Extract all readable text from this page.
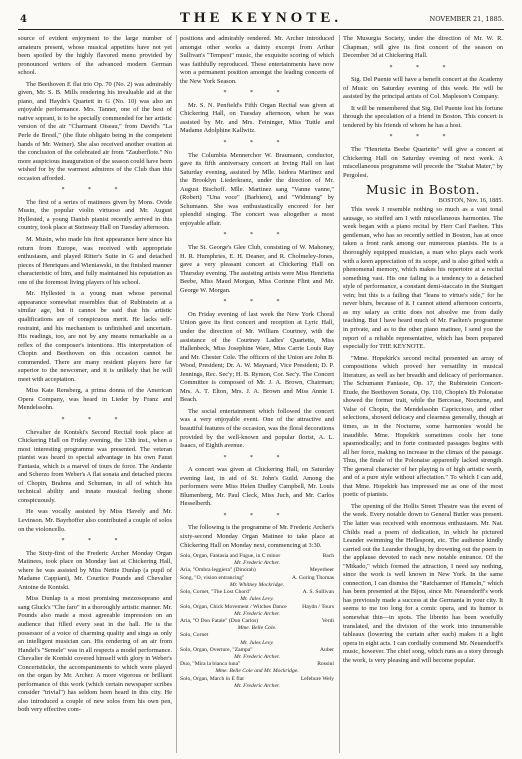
4	THE KEYNOTE.	NOVEMBER 21, 1885.

source of evident enjoyment to the large number of amateurs present, whose musical appetites have not yet been spoiled by the highly flavored menu provided by pronounced writers of the advanced modern German school.

The Beethoven E flat trio Op. 70 (No. 2) was admirably given, Mr. S. B. Mills rendering his invaluable aid at the piano, and Haydn's Quartett in G (No. 10) was also an enjoyable performance. Mrs. Tanner, one of the best of native soprani, is to be specially commended for her artistic version of the air "Charmant Oiseau," from David's "La Perle de Bresil," (the flute obligato being in the competent hands of Mr. Weiner). She also received another ovation at the conclusion of the celebrated air from "Zauberflote." No more auspicious inauguration of the season could have been wished for by the warmest admirers of the Club than this occasion afforded.

* * *

The first of a series of matinees given by Mons. Ovide Musin, the popular violin virtuoso and Mr. August Hyllested, a young Danish pianist recently arrived in this country, took place at Steinway Hall on Tuesday afternoon.

M. Musin, who made his first appearance here since his return from Europe, was received with appropriate enthusiasm, and played Ritter's Suite in G and detached pieces of Henriques and Wieniawski, in the finished manner characteristic of him, and fully maintained his reputation as one of the foremost living players of his school.

Mr. Hyllested is a young man whose personal appearance somewhat resembles that of Rubinstein at a similar age, but it cannot be said that his artistic qualifications are of conspicuous merit. He lacks self-restraint, and his mechanism is unfinished and uncertain. His readings, too, are not by any means remarkable as a reflex of the composer's intentions. His interpretation of Chopin and Beethoven on this occasion cannot be commended. There are many resident players here far superior to the newcomer, and it is unlikely that he will meet with acceptation.

Miss Kate Rensberg, a prima donna of the American Opera Company, was heard in Lieder by Franz and Mendelssohn.

* * *

Chevalier de Kontski's Second Recital took place at Chickering Hall on Friday evening, the 13th inst., when a most interesting programme was presented. The veteran pianist was heard to special advantage in his own Faust Fantasia, which is a marvel of tours de force. The Andante and Scherzo from Weber's A flat sonata and detached pieces of Chopin, Brahms and Schuman, in all of which his technical ability and innate musical feeling shone conspicuously.

He was vocally assisted by Miss Havely and Mr. Levinson. Mr. Bayrhoffer also contributed a couple of solos on the violoncello.

* * *

The Sixty-first of the Frederic Archer Monday Organ Matinees, took place on Monday last at Chickering Hall, where he was assisted by Miss Nettie Dunlap (a pupil of Madame Cappiani), Mr. Courtice Pounds and Chevalier Antoine de Kontski.

Miss Dunlap is a most promising mezzosoprano and sang Gluck's "Che faro" in a thoroughly artistic manner. Mr. Pounds also made a most agreeable impression on an audience that filled every seat in the hall. He is the possessor of a voice of charming quality and sings as only an intelligent musician can. His rendering of an air from Handel's "Semele" was in all respects a model performance. Chevalier de Kontski covered himself with glory in Weber's Concertstücke, the accompaniments to which were played on the organ by Mr. Archer. A more vigorous or brilliant performance of this work (which certain newspaper scribes consider "trivial") has seldom been heard in this city. He also introduced a couple of new solos from his own pen, both very effective com-

positions and admirably rendered. Mr. Archer introduced amongst other works a dainty excerpt from Arthur Sullivan's "Tempest" music, the exquisite scoring of which was faithfully reproduced. These entertainments have now won a permanent position amongst the leading concerts of the New York Season.

* * *

Mr. S. N. Penfield's Fifth Organ Recital was given at Chickering Hall, on Tuesday afternoon, when he was assisted by Mr. and Mrs. Feininger, Miss Tuttle and Madame Adolphine Kallwitz.

* * *

The Columbia Mennerchor W. Braumann, conductor, gave its fifth anniversary concert at Irving Hall on last Saturday evening, assisted by Mlle. Isidora Martinez and the Brooklyn Liederkranz, under the direction of Mr. August Bischoff. Mlle. Martinez sang "Vanne vanne," (Robert) "Una voce" (Barbiere), and "Widmung" by Schumann. She was enthusiastically encored for her splendid singing. The concert was altogether a most enjoyable affair.

* * *

The St. George's Glee Club, consisting of W. Mahoney, H. R. Humphries, E. H. Deaner, and R. Cholmeley-Jones, gave a very pleasant concert at Chickering Hall on Thursday evening. The assisting artists were Miss Henrietta Beebe, Miss Maud Morgan, Miss Corinne Flint and Mr. George W. Morgan.

* * *

On Friday evening of last week the New York Choral Union gave its first concert and reception at Lyric Hall, under the direction of Mr. William Courtney, with the assistance of the Courtney Ladies' Quartette, Miss Hallenbeck, Miss Josephine Ware, Miss Carrie Louis Ray and Mr. Chester Cole. The officers of the Union are John B. Wood, President; Dr. A. W. Maynard, Vice President; D. P. Jennings, Rec. Sec'y; H. B. Rymon, Cor. Sec'y. The Concert Committee is composed of Mr. J. A. Brown, Chairman; Mrs. A. T. Elton, Mrs. J. A. Brown and Miss Annie I. Beach.

The social entertainment which followed the concert was a very enjoyable event. One of the attractive and beautiful features of the occasion, was the floral decorations provided by the well-known and popular florist, A. L. Isaacs, of Eighth avenue.

* * *

A concert was given at Chickering Hall, on Saturday evening last, in aid of St. John's Guild. Among the performers were Miss Helen Dudley Campbell, Mr. Louis Blumenberg, Mr. Paul Cleck, Miss Juch, and Mr. Carlos Hesselberth.

* * *

The following is the programme of Mr. Frederic Archer's sixty-second Monday Organ Matinee to take place at Chickering Hall on Monday next, commencing at 3:30.

Solo, Organ, Fantasia and Fugue, in C minor	Bach
Mr. Frederic Archer.
Aria, "Ombra leggiera" (Dinorah)	Meyerbeer
Song, "O, vision entrancing"	A. Goring Thomas
Mr. Whitney Mockridge.
Solo, Cornet, "The Lost Chord"	A. S. Sullivan
Mr. Jules Levy.
Solo, Organ, Chick Movement / Witches Dance	Haydn / Tours
Mr. Frederic Archer.
Aria, "O Don Fatale" (Don Carlos)	Verdi
Mme. Belle Cole.
Solo, Cornet
Mr. Jules Levy.
Solo, Organ, Overture, "Zampa"	Auber
Mr. Frederic Archer.
Duo, "Mira la bianca luna"	Rossini
Mme. Belle Cole and Mr. Mockridge.
Solo, Organ, March in E flat	Lefebure Wely
Mr. Frederic Archer.

The Musurgia Society, under the direction of Mr. W. R. Chapman, will give its first concert of the season on December 3d at Chickering Hall.

* * *

Sig. Del Puente will have a benefit concert at the Academy of Music on Saturday evening of this week. He will be assisted by the principal artists of Col. Mapleson's Company.

It will be remembered that Sig. Del Puente lost his fortune through the speculation of a friend in Boston. This concert is tendered by his friends of whom he has a host.

* * *

The "Henrietta Beebe Quartette" will give a concert at Chickering Hall on Saturday evening of next week. A miscellaneous programme will precede the "Stabat Mater," by Pergolesi.

Music in Boston.
BOSTON, Nov. 16, 1885.

This week I resemble nothing so much as a vast tonal sausage, so stuffed am I with miscellaneous harmonies. The week began with a piano recital by Herr Carl Faelten. This gentleman, who has so recently settled in Boston, has at once taken a front rank among our numerous pianists. He is a thoroughly equipped musician, a man who plays each work with a keen appreciation of its scope, and is also gifted with a phenomenal memory, which makes his repertoire at a recital something vast. His one failing is a tendency to a detached style of performance, a constant demi-staccato in the Stuttgart vein; but this is a failing that "leans to virtue's side," for he never blurs, because of it. I cannot attend afternoon concerts, as my salary as critic does not absolve me from daily teaching. But I have heard much of Mr. Faelten's programme in private, and as to the other piano matinee, I send you the report of a reliable representative, which has been prepared especially for THE KEYNOTE.

"Mme. Hopekirk's second recital presented an array of compositions which proved her versatility in musical literature, as well as her breadth and delicacy of performance. The Schumann Fantasie, Op. 17, the Rubinstein Concert-Etude, the Beethoven Sonata, Op. 110, Chopin's Eb Polonaise showed the former trait, while the Berceuse, Nocturne, and Valse of Chopin, the Mendelssohn Capriccioso, and other selections, showed delicacy and clearness generally, though at times, as in the Nocturne, some harmonies would be inaudible. Mme. Hopekirk sometimes cools her tone spasmodically; and in forte contrasted passages begins with all her force, making no increase in the climax of the passage. Thus, the finale of the Polonaise apparently lacked strength. The general character of her playing is of high artistic worth, and of a pure style without affectation." To which I can add, that Mme. Hopekirk has impressed me as one of the most poetic of pianists.

The opening of the Hollis Street Theatre was the event of the week. Every notable down to General Butler was present. The latter was received with enormous enthusiasm. Mr. Nat. Childs read a poem of dedication, in which he pictured Leander swimming the Hellespont, etc. The audience kindly carried out the Leander thought, by drowning out the poem in the applause devoted to each new notable entrance. Of the "Mikado," which formed the attraction, I need say nothing, since the work is well known in New York. In the same connection, I can dismiss the "Ratcharmer of Hameln," which has been presented at the Bijou, since Mr. Neuendorff's work has previously made a success at the Germania in your city. It seems to me too long for a comic opera, and its humor is somewhat thin—in spots. The libretto has been woefully translated, and the division of the work into innumerable tableaux (lowering the curtain after each) makes it a light opera in eight acts. I can cordially commend Mr. Neuendorff's music, however. The chief song, which runs as a story through the work, is very pleasing and will become popular.
